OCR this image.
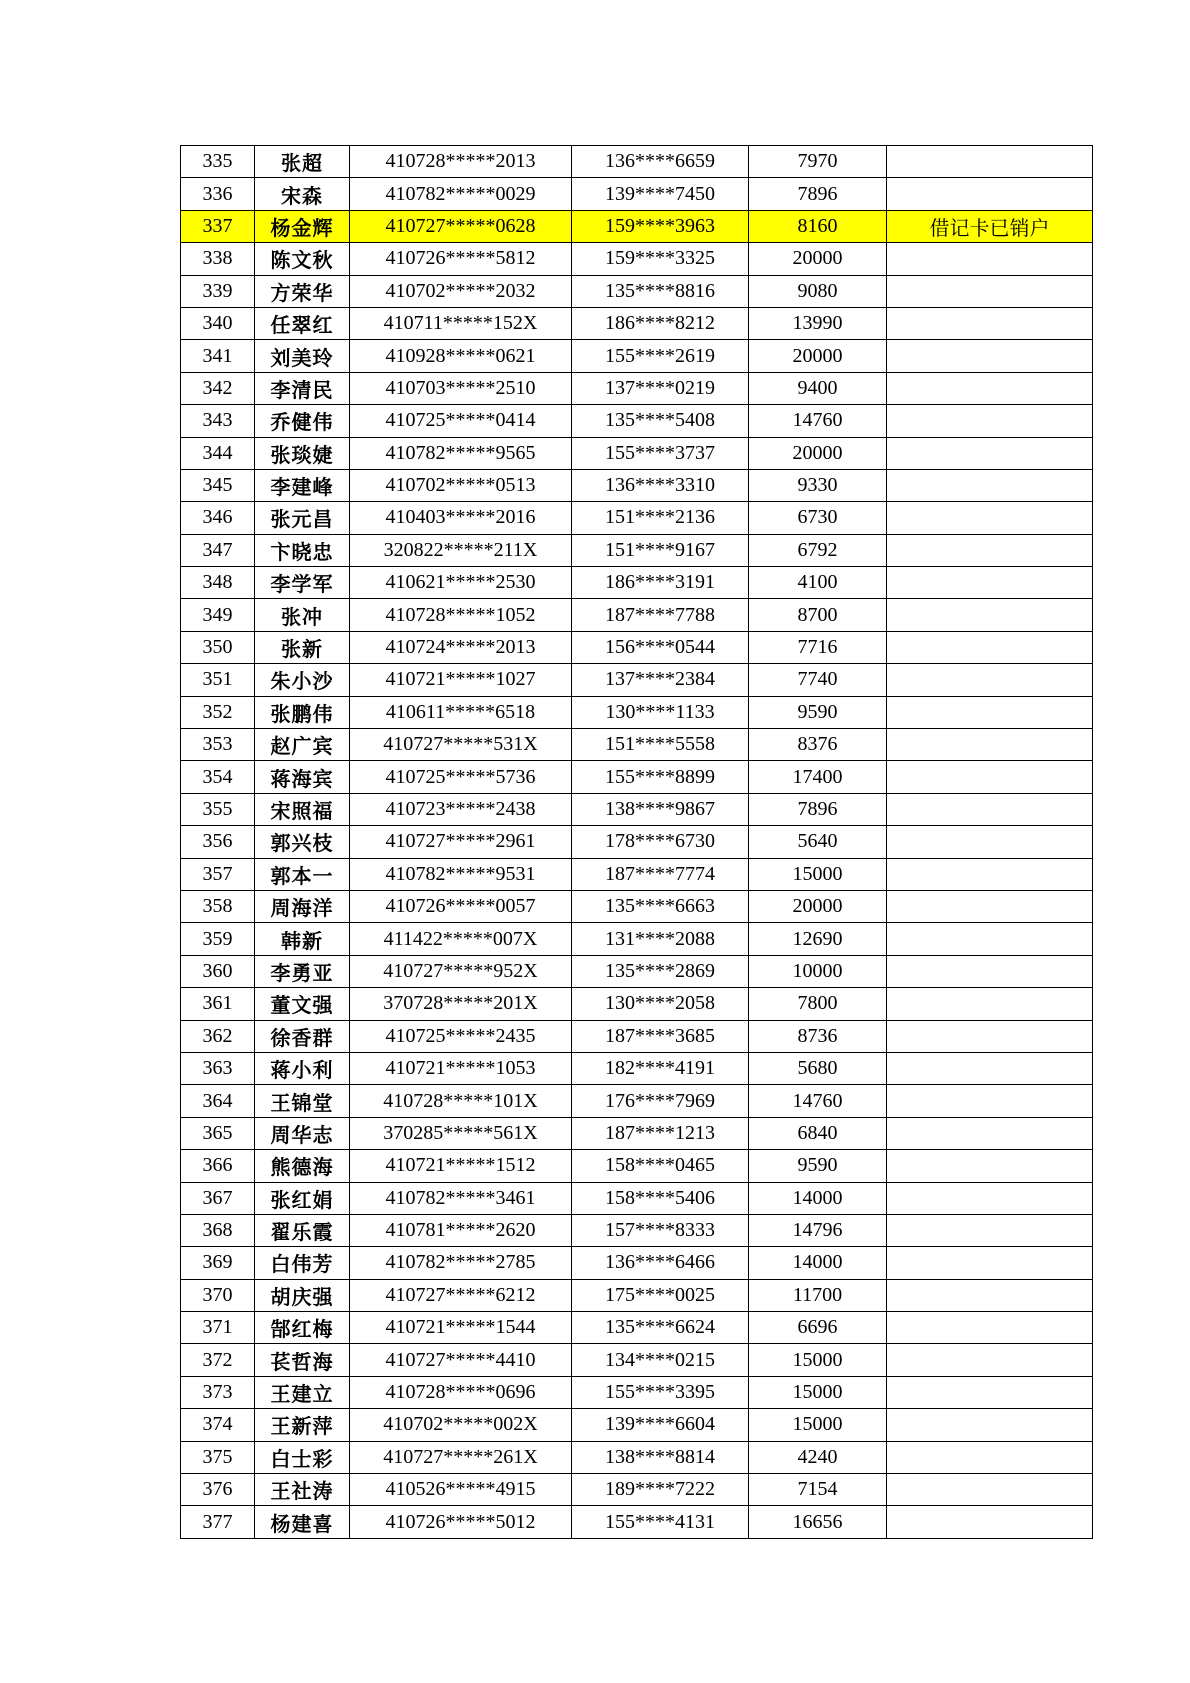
335	张超	410728*****2013	136****6659	7970	
336	宋森	410782*****0029	139****7450	7896	
337	杨金辉	410727*****0628	159****3963	8160	借记卡已销户
338	陈文秋	410726*****5812	159****3325	20000	
339	方荣华	410702*****2032	135****8816	9080	
340	任翠红	410711*****152X	186****8212	13990	
341	刘美玲	410928*****0621	155****2619	20000	
342	李清民	410703*****2510	137****0219	9400	
343	乔健伟	410725*****0414	135****5408	14760	
344	张琰婕	410782*****9565	155****3737	20000	
345	李建峰	410702*****0513	136****3310	9330	
346	张元昌	410403*****2016	151****2136	6730	
347	卞晓忠	320822*****211X	151****9167	6792	
348	李学军	410621*****2530	186****3191	4100	
349	张冲	410728*****1052	187****7788	8700	
350	张新	410724*****2013	156****0544	7716	
351	朱小沙	410721*****1027	137****2384	7740	
352	张鹏伟	410611*****6518	130****1133	9590	
353	赵广宾	410727*****531X	151****5558	8376	
354	蒋海宾	410725*****5736	155****8899	17400	
355	宋照福	410723*****2438	138****9867	7896	
356	郭兴枝	410727*****2961	178****6730	5640	
357	郭本一	410782*****9531	187****7774	15000	
358	周海洋	410726*****0057	135****6663	20000	
359	韩新	411422*****007X	131****2088	12690	
360	李勇亚	410727*****952X	135****2869	10000	
361	董文强	370728*****201X	130****2058	7800	
362	徐香群	410725*****2435	187****3685	8736	
363	蒋小利	410721*****1053	182****4191	5680	
364	王锦堂	410728*****101X	176****7969	14760	
365	周华志	370285*****561X	187****1213	6840	
366	熊德海	410721*****1512	158****0465	9590	
367	张红娟	410782*****3461	158****5406	14000	
368	翟乐霞	410781*****2620	157****8333	14796	
369	白伟芳	410782*****2785	136****6466	14000	
370	胡庆强	410727*****6212	175****0025	11700	
371	郜红梅	410721*****1544	135****6624	6696	
372	苌哲海	410727*****4410	134****0215	15000	
373	王建立	410728*****0696	155****3395	15000	
374	王新萍	410702*****002X	139****6604	15000	
375	白士彩	410727*****261X	138****8814	4240	
376	王社涛	410526*****4915	189****7222	7154	
377	杨建喜	410726*****5012	155****4131	16656	
